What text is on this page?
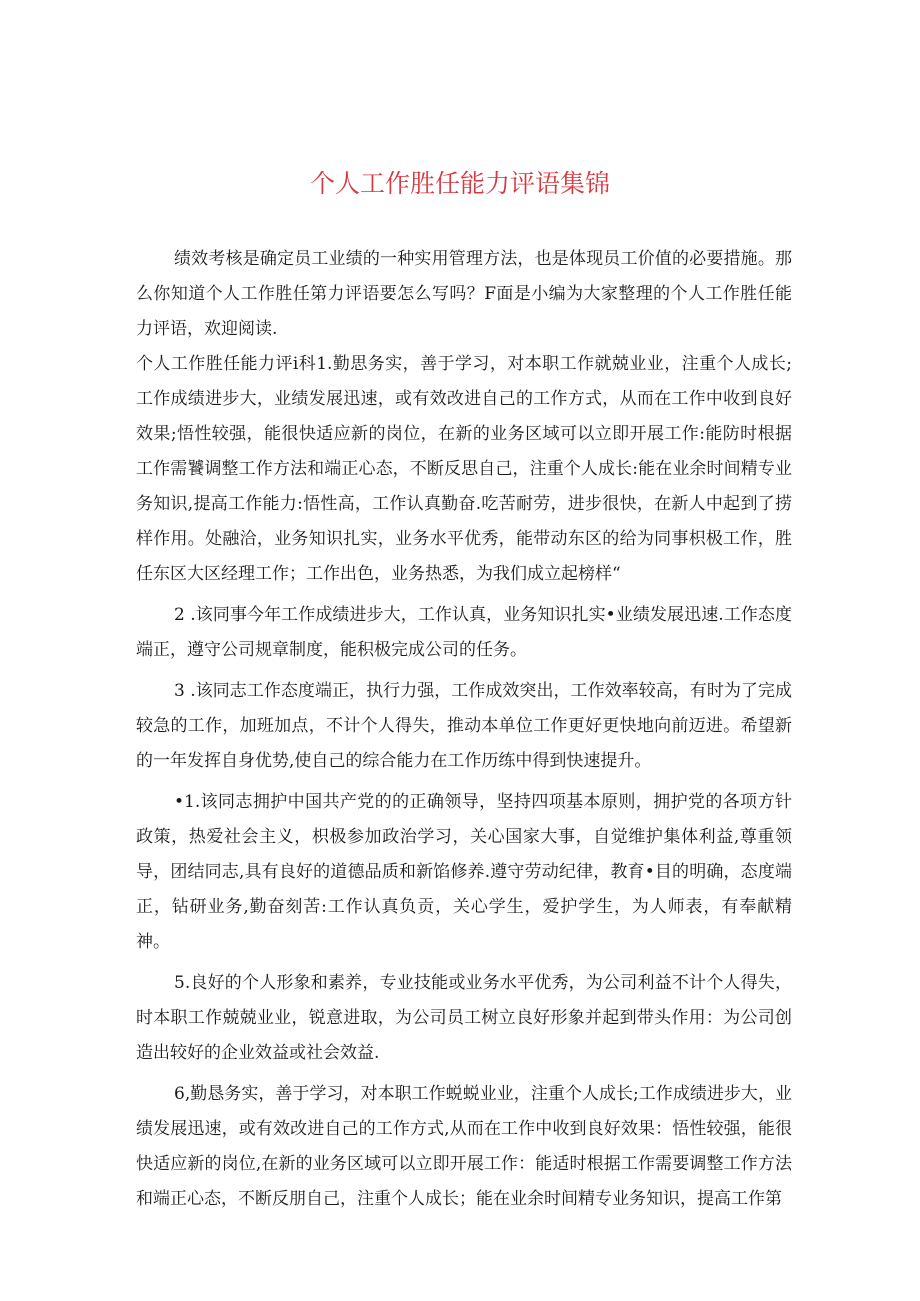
个人工作胜任能力评语集锦

绩效考核是确定员工业绩的一种实用管理方法，也是体现员工价值的必要措施。那么你知道个人工作胜任第力评语要怎么写吗？F面是小编为大家整理的个人工作胜任能力评语，欢迎阅读.

个人工作胜任能力评i科1.勤思务实，善于学习，对本职工作就兢业业，注重个人成长;工作成绩进步大，业绩发展迅速，或有效改进自己的工作方式，从而在工作中收到良好效果;悟性较强，能很快适应新的岗位，在新的业务区域可以立即开展工作:能防时根据工作需饕调整工作方法和端正心态，不断反思自己，注重个人成长:能在业余时间精专业务知识,提高工作能力:悟性高，工作认真勤奋.吃苦耐劳，进步很快，在新人中起到了捞样作用。处融洽，业务知识扎实，业务水平优秀，能带动东区的给为同事枳极工作，胜任东区大区经理工作；工作出色，业务热悉，为我们成立起榜样“

2 .该同事今年工作成绩进步大，工作认真，业务知识扎实•业绩发展迅速.工作态度端正，遵守公司规章制度，能积极完成公司的任务。

3 .该同志工作态度端正，执行力强，工作成效突出，工作效率较高，有时为了完成较急的工作，加班加点，不计个人得失，推动本单位工作更好更快地向前迈进。希望新的一年发挥自身优势,使自己的综合能力在工作历练中得到快速提升。

•1.该同志拥护中国共产党的的正确领导，坚持四项基本原则，拥护党的各项方针政策，热爱社会主义，枳极参加政治学习，关心国家大事，自觉维护集体利益,尊重领导，团结同志,具有良好的道德品质和新馅修养.遵守劳动纪律，教育•目的明确，态度端正，钻研业务,勤奋刻苦:工作认真负贡，关心学生，爱护学生，为人师表，有奉献精神。

5.良好的个人形象和素养，专业技能或业务水平优秀，为公司利益不计个人得失，时本职工作兢兢业业，锐意进取，为公司员工树立良好形象并起到带头作用：为公司创造出较好的企业效益或社会效益.

6,勤恳务实，善于学习，对本职工作蜕蜕业业，注重个人成长;工作成绩进步大，业绩发展迅速，或有效改进自己的工作方式,从而在工作中收到良好效果：悟性较强，能很快适应新的岗位,在新的业务区域可以立即开展工作：能适时根据工作需要调整工作方法和端正心态，不断反朋自己，注重个人成长；能在业余时间精专业务知识，提高工作第
